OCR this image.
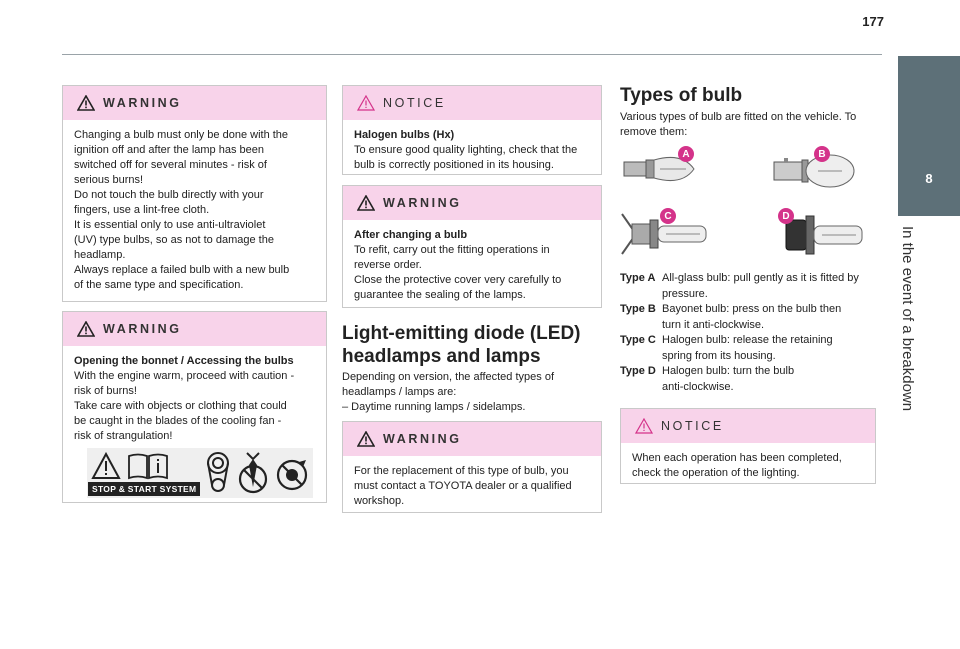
177
8
In the event of a breakdown
WARNING
Changing a bulb must only be done with the
ignition off and after the lamp has been
switched off for several minutes - risk of
serious burns!
Do not touch the bulb directly with your
fingers, use a lint-free cloth.
It is essential only to use anti-ultraviolet
(UV) type bulbs, so as not to damage the
headlamp.
Always replace a failed bulb with a new bulb
of the same type and specification.
WARNING
Opening the bonnet / Accessing the bulbs
With the engine warm, proceed with caution -
risk of burns!
Take care with objects or clothing that could
be caught in the blades of the cooling fan -
risk of strangulation!
STOP & START SYSTEM
NOTICE
Halogen bulbs (Hx)
To ensure good quality lighting, check that the
bulb is correctly positioned in its housing.
WARNING
After changing a bulb
To refit, carry out the fitting operations in
reverse order.
Close the protective cover very carefully to
guarantee the sealing of the lamps.
Light-emitting diode (LED)
headlamps and lamps
Depending on version, the affected types of
headlamps / lamps are:
– Daytime running lamps / sidelamps.
WARNING
For the replacement of this type of bulb, you
must contact a TOYOTA dealer or a qualified
workshop.
Types of bulb
Various types of bulb are fitted on the vehicle. To
remove them:
A	B
C	D
Type A All-glass bulb: pull gently as it is fitted by
pressure.
Type B Bayonet bulb: press on the bulb then
turn it anti-clockwise.
Type C Halogen bulb: release the retaining
spring from its housing.
Type D Halogen bulb: turn the bulb
anti-clockwise.
NOTICE
When each operation has been completed,
check the operation of the lighting.
